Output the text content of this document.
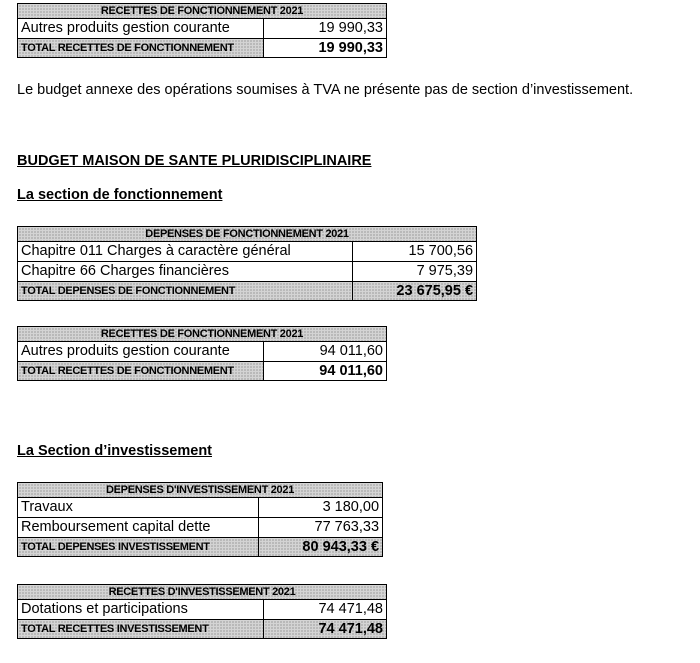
RECETTES DE FONCTIONNEMENT 2021	
Autres produits gestion courante	19 990,33
TOTAL RECETTES DE FONCTIONNEMENT	19 990,33
Le budget annexe des opérations soumises à TVA ne présente pas de section d’investissement.
BUDGET MAISON DE SANTE PLURIDISCIPLINAIRE
La section de fonctionnement
DEPENSES DE FONCTIONNEMENT 2021	
Chapitre 011 Charges à caractère général	15 700,56
Chapitre 66 Charges financières	7 975,39
TOTAL DEPENSES DE FONCTIONNEMENT	23 675,95 €
RECETTES DE FONCTIONNEMENT 2021	
Autres produits gestion courante	94 011,60
TOTAL RECETTES DE FONCTIONNEMENT	94 011,60
La Section d’investissement
DEPENSES D'INVESTISSEMENT 2021	
Travaux	3 180,00
Remboursement capital dette	77 763,33
TOTAL DEPENSES INVESTISSEMENT	80 943,33 €
RECETTES D'INVESTISSEMENT 2021	
Dotations et participations	74 471,48
TOTAL RECETTES INVESTISSEMENT	74 471,48
